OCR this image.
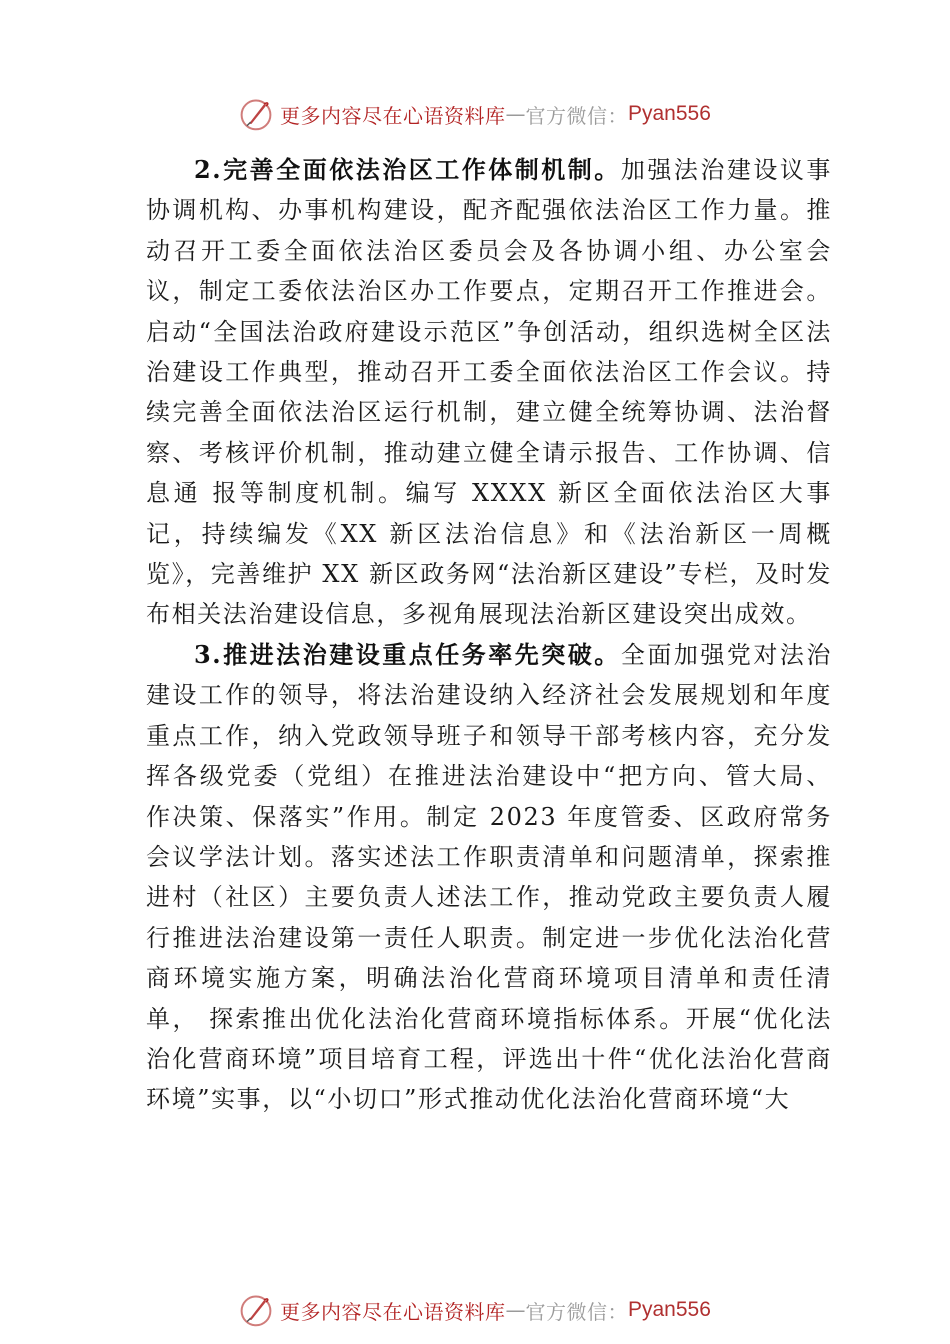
更多内容尽在心语资料库 — 官方微信： Pyan556

2.完善全面依法治区工作体制机制。加强法治建设议事协调机构、办事机构建设，配齐配强依法治区工作力量。推 动召开工委全面依法治区委员会及各协调小组、办公室会议，制定工委依法治区办工作要点，定期召开工作推进会。启动“全国法治政府建设示范区”争创活动，组织选树全区法治建设工作典型，推动召开工委全面依法治区工作会议。持续完善全面依法治区运行机制，建立健全统筹协调、法治督察、考核评价机制，推动建立健全请示报告、工作协调、信息通 报等制度机制。编写 XXXX 新区全面依法治区大事记，持续编发《XX 新区法治信息》和《法治新区一周概览》，完善维护 XX 新区政务网“法治新区建设”专栏，及时发布相关法治建设信息，多视角展现法治新区建设突出成效。

3.推进法治建设重点任务率先突破。全面加强党对法治建设工作的领导，将法治建设纳入经济社会发展规划和年度重点工作，纳入党政领导班子和领导干部考核内容，充分发挥各级党委（党组）在推进法治建设中“把方向、管大局、 作决策、保落实”作用。制定 2023 年度管委、区政府常务会议学法计划。落实述法工作职责清单和问题清单，探索推进村（社区）主要负责人述法工作，推动党政主要负责人履行推进法治建设第一责任人职责。制定进一步优化法治化营商环境实施方案，明确法治化营商环境项目清单和责任清单， 探索推出优化法治化营商环境指标体系。开展“优化法治化营商环境”项目培育工程，评选出十件“优化法治化营商环境”实事，以“小切口”形式推动优化法治化营商环境“大

更多内容尽在心语资料库 — 官方微信： Pyan556
